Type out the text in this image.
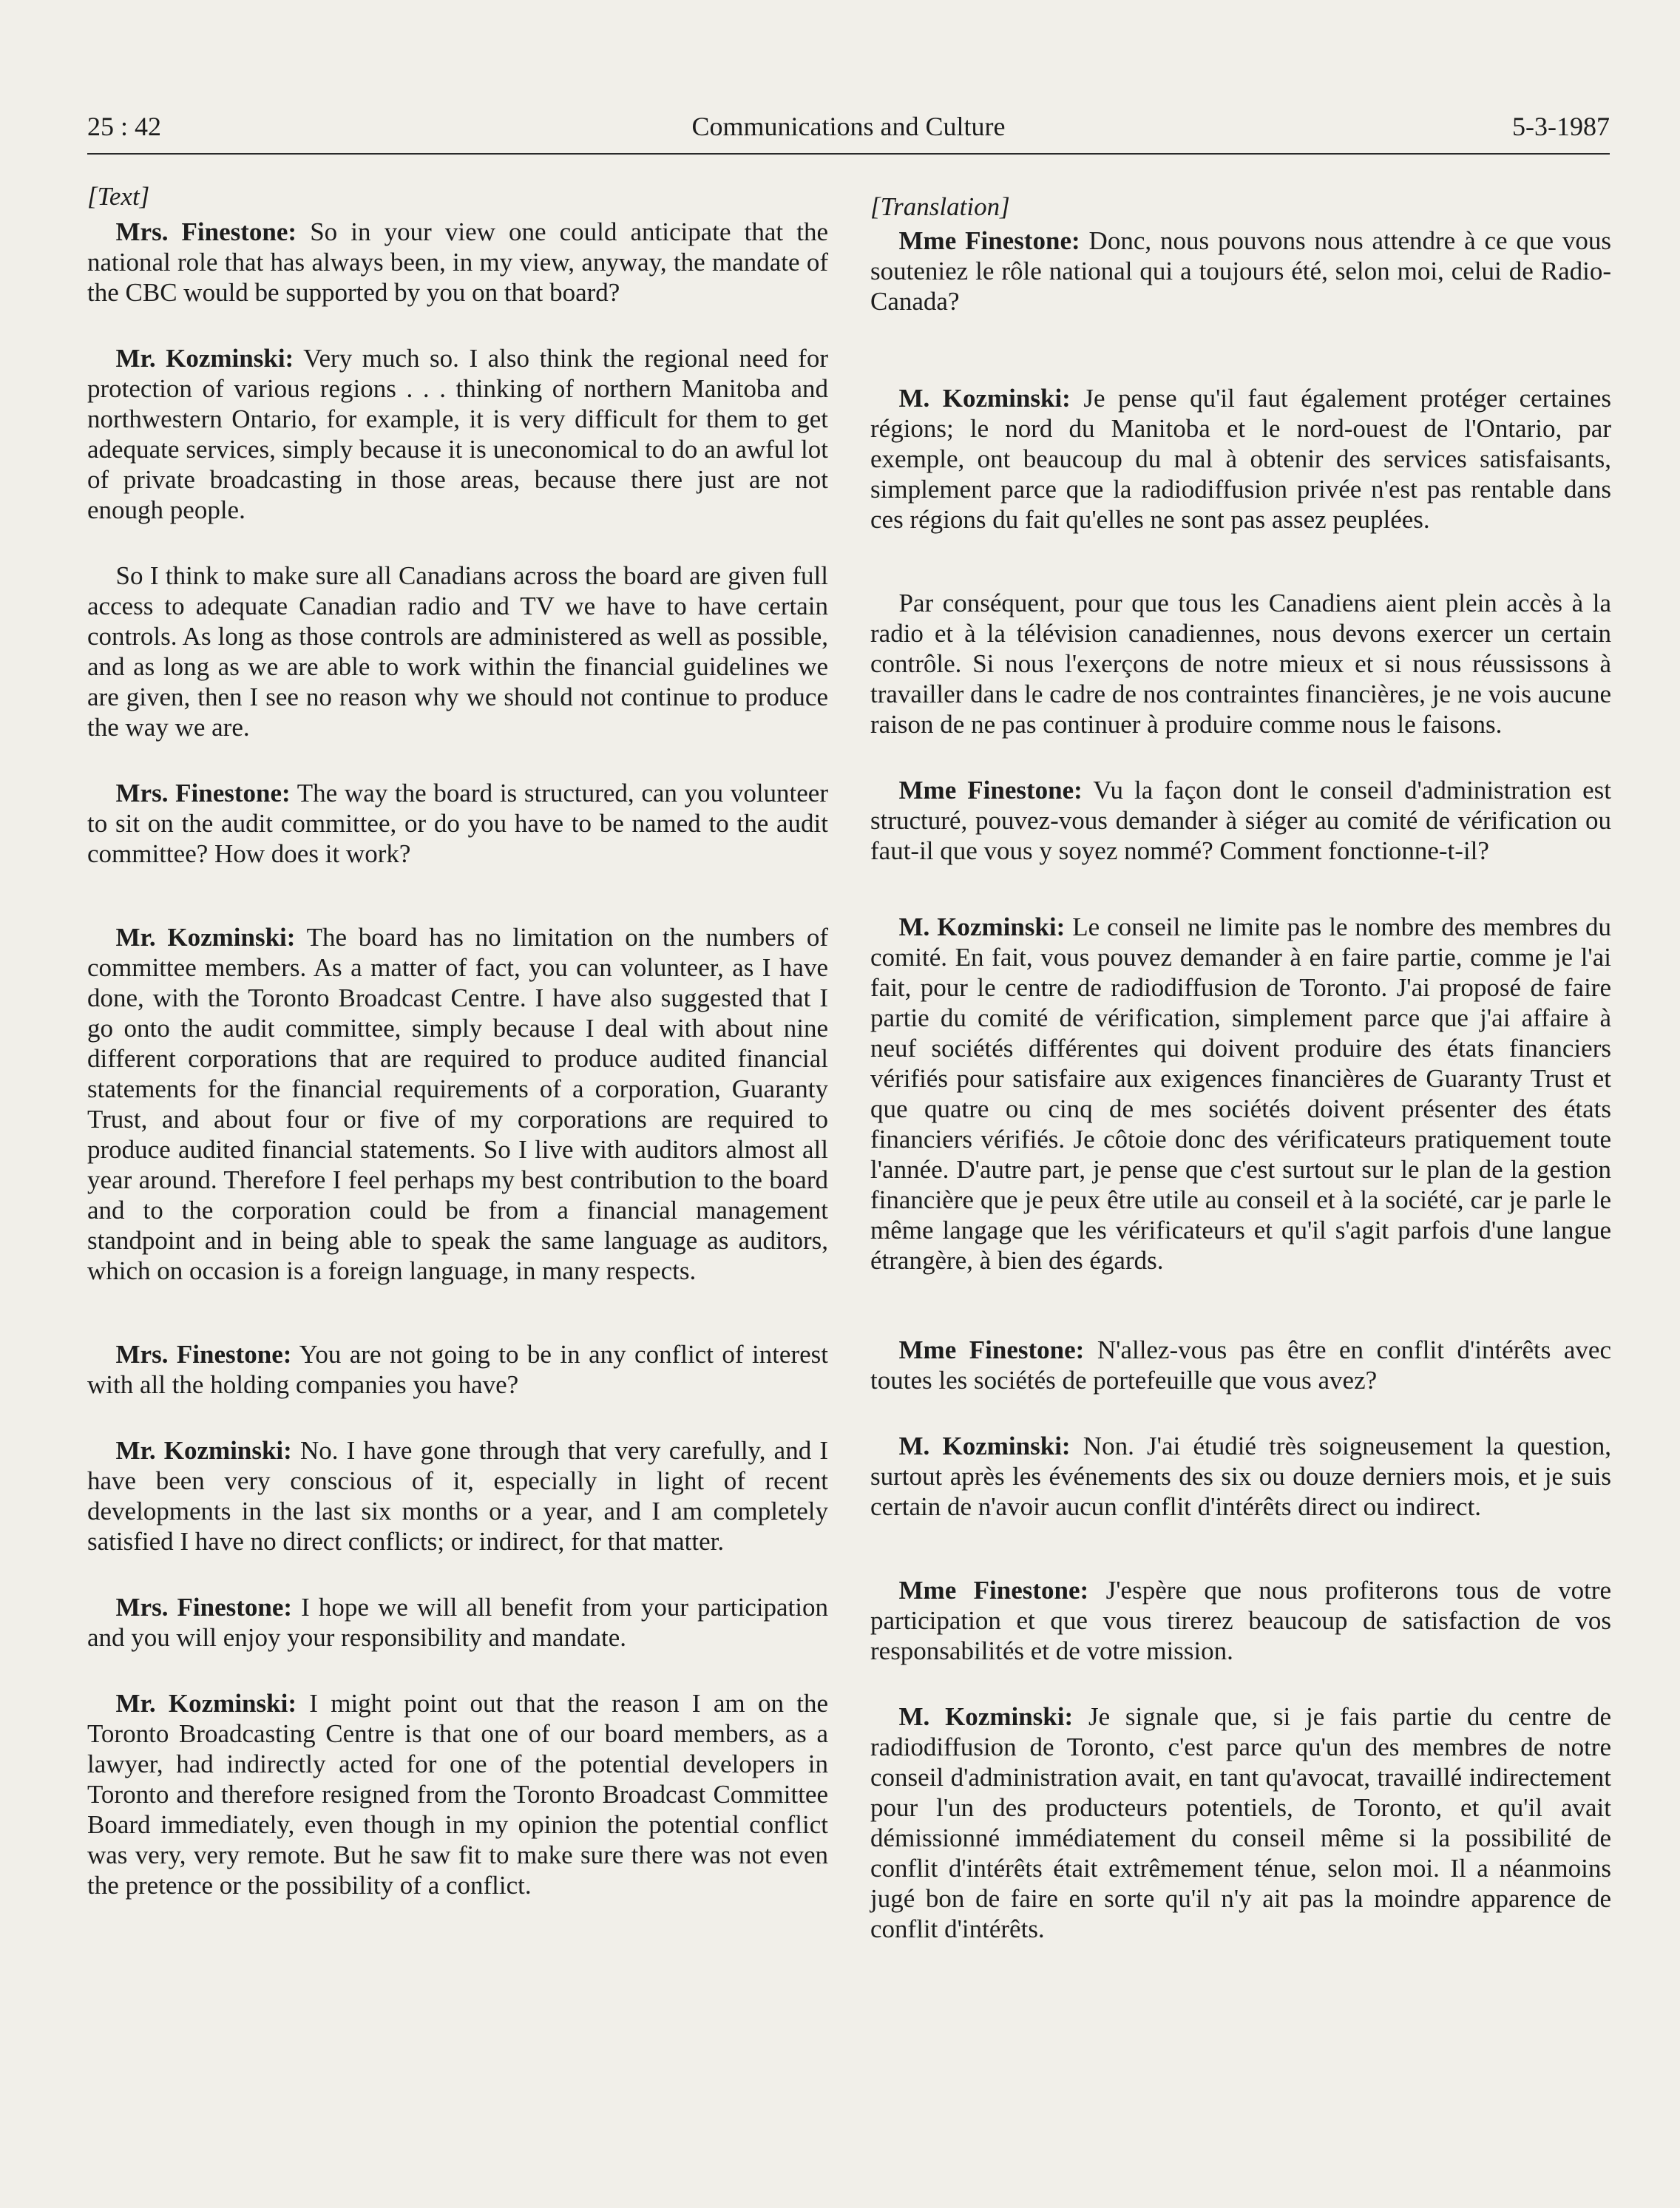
25 : 42	Communications and Culture	5-3-1987
[Text]

Mrs. Finestone: So in your view one could anticipate that the national role that has always been, in my view, anyway, the mandate of the CBC would be supported by you on that board?

Mr. Kozminski: Very much so. I also think the regional need for protection of various regions . . . thinking of northern Manitoba and northwestern Ontario, for example, it is very difficult for them to get adequate services, simply because it is uneconomical to do an awful lot of private broadcasting in those areas, because there just are not enough people.

So I think to make sure all Canadians across the board are given full access to adequate Canadian radio and TV we have to have certain controls. As long as those controls are administered as well as possible, and as long as we are able to work within the financial guidelines we are given, then I see no reason why we should not continue to produce the way we are.

Mrs. Finestone: The way the board is structured, can you volunteer to sit on the audit committee, or do you have to be named to the audit committee? How does it work?

Mr. Kozminski: The board has no limitation on the numbers of committee members. As a matter of fact, you can volunteer, as I have done, with the Toronto Broadcast Centre. I have also suggested that I go onto the audit committee, simply because I deal with about nine different corporations that are required to produce audited financial statements for the financial requirements of a corporation, Guaranty Trust, and about four or five of my corporations are required to produce audited financial statements. So I live with auditors almost all year around. Therefore I feel perhaps my best contribution to the board and to the corporation could be from a financial management standpoint and in being able to speak the same language as auditors, which on occasion is a foreign language, in many respects.

Mrs. Finestone: You are not going to be in any conflict of interest with all the holding companies you have?

Mr. Kozminski: No. I have gone through that very carefully, and I have been very conscious of it, especially in light of recent developments in the last six months or a year, and I am completely satisfied I have no direct conflicts; or indirect, for that matter.

Mrs. Finestone: I hope we will all benefit from your participation and you will enjoy your responsibility and mandate.

Mr. Kozminski: I might point out that the reason I am on the Toronto Broadcasting Centre is that one of our board members, as a lawyer, had indirectly acted for one of the potential developers in Toronto and therefore resigned from the Toronto Broadcast Committee Board immediately, even though in my opinion the potential conflict was very, very remote. But he saw fit to make sure there was not even the pretence or the possibility of a conflict.

[Translation]

Mme Finestone: Donc, nous pouvons nous attendre à ce que vous souteniez le rôle national qui a toujours été, selon moi, celui de Radio-Canada?

M. Kozminski: Je pense qu'il faut également protéger certaines régions; le nord du Manitoba et le nord-ouest de l'Ontario, par exemple, ont beaucoup du mal à obtenir des services satisfaisants, simplement parce que la radiodiffusion privée n'est pas rentable dans ces régions du fait qu'elles ne sont pas assez peuplées.

Par conséquent, pour que tous les Canadiens aient plein accès à la radio et à la télévision canadiennes, nous devons exercer un certain contrôle. Si nous l'exerçons de notre mieux et si nous réussissons à travailler dans le cadre de nos contraintes financières, je ne vois aucune raison de ne pas continuer à produire comme nous le faisons.

Mme Finestone: Vu la façon dont le conseil d'administration est structuré, pouvez-vous demander à siéger au comité de vérification ou faut-il que vous y soyez nommé? Comment fonctionne-t-il?

M. Kozminski: Le conseil ne limite pas le nombre des membres du comité. En fait, vous pouvez demander à en faire partie, comme je l'ai fait, pour le centre de radiodiffusion de Toronto. J'ai proposé de faire partie du comité de vérification, simplement parce que j'ai affaire à neuf sociétés différentes qui doivent produire des états financiers vérifiés pour satisfaire aux exigences financières de Guaranty Trust et que quatre ou cinq de mes sociétés doivent présenter des états financiers vérifiés. Je côtoie donc des vérificateurs pratiquement toute l'année. D'autre part, je pense que c'est surtout sur le plan de la gestion financière que je peux être utile au conseil et à la société, car je parle le même langage que les vérificateurs et qu'il s'agit parfois d'une langue étrangère, à bien des égards.

Mme Finestone: N'allez-vous pas être en conflit d'intérêts avec toutes les sociétés de portefeuille que vous avez?

M. Kozminski: Non. J'ai étudié très soigneusement la question, surtout après les événements des six ou douze derniers mois, et je suis certain de n'avoir aucun conflit d'intérêts direct ou indirect.

Mme Finestone: J'espère que nous profiterons tous de votre participation et que vous tirerez beaucoup de satisfaction de vos responsabilités et de votre mission.

M. Kozminski: Je signale que, si je fais partie du centre de radiodiffusion de Toronto, c'est parce qu'un des membres de notre conseil d'administration avait, en tant qu'avocat, travaillé indirectement pour l'un des producteurs potentiels, de Toronto, et qu'il avait démissionné immédiatement du conseil même si la possibilité de conflit d'intérêts était extrêmement ténue, selon moi. Il a néanmoins jugé bon de faire en sorte qu'il n'y ait pas la moindre apparence de conflit d'intérêts.
